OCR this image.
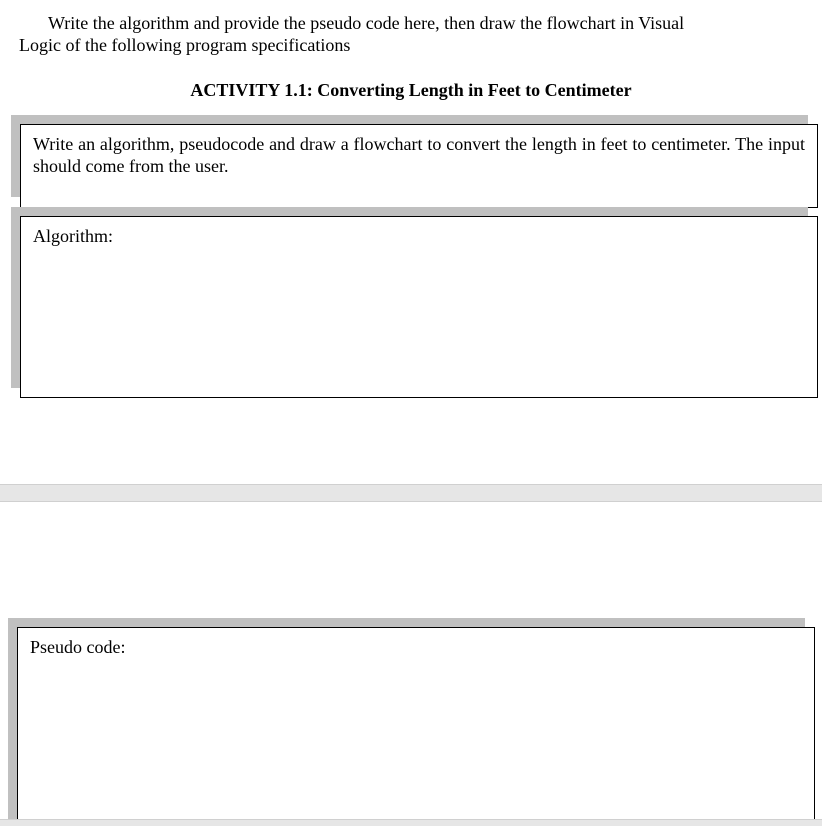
Write the algorithm and provide the pseudo code here, then draw the flowchart in Visual
Logic of the following program specifications
ACTIVITY 1.1: Converting Length in Feet to Centimeter
Write an algorithm, pseudocode and draw a flowchart to convert the length in feet to centimeter. The input should come from the user.
Algorithm:
Pseudo code:
